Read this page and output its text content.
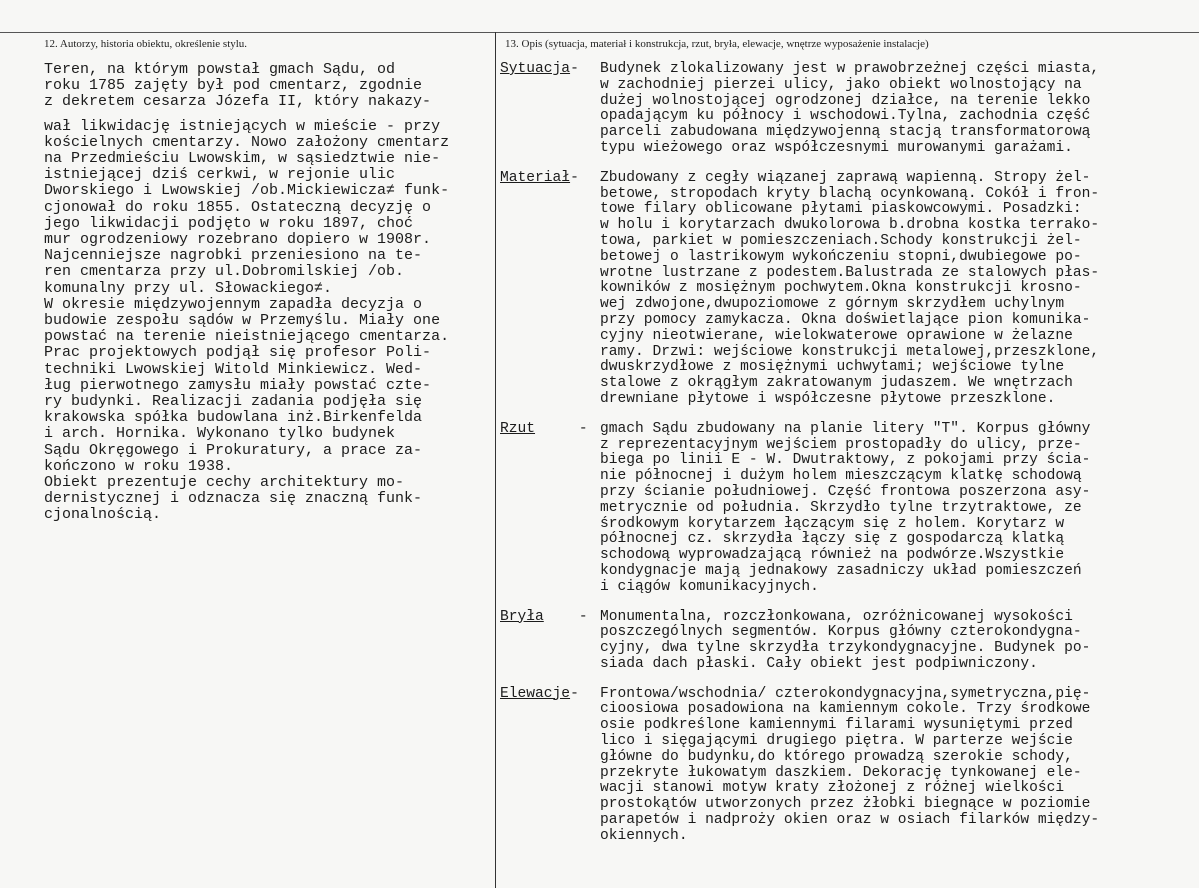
12. Autorzy, historia obiektu, określenie stylu.	13. Opis (sytuacja, materiał i konstrukcja, rzut, bryła, elewacje, wnętrze wyposażenie instalacje)
Teren, na którym powstał gmach Sądu, od
roku 1785 zajęty był pod cmentarz, zgodnie
z dekretem cesarza Józefa II, który nakazy-
wał likwidację istniejących w mieście - przy
kościelnych cmentarzy. Nowo założony cmentarz
na Przedmieściu Lwowskim, w sąsiedztwie nie-
istniejącej dziś cerkwi, w rejonie ulic
Dworskiego i Lwowskiej /ob.Mickiewicza≠ funk-
cjonował do roku 1855. Ostateczną decyzję o
jego likwidacji podjęto w roku 1897, choć
mur ogrodzeniowy rozebrano dopiero w 1908r.
Najcenniejsze nagrobki przeniesiono na te-
ren cmentarza przy ul.Dobromilskiej /ob.
komunalny przy ul. Słowackiego≠.
W okresie międzywojennym zapadła decyzja o
budowie zespołu sądów w Przemyślu. Miały one
powstać na terenie nieistniejącego cmentarza.
Prac projektowych podjął się profesor Poli-
techniki Lwowskiej Witold Minkiewicz. Wed-
ług pierwotnego zamysłu miały powstać czte-
ry budynki. Realizacji zadania podjęła się
krakowska spółka budowlana inż.Birkenfelda
i arch. Hornika. Wykonano tylko budynek
Sądu Okręgowego i Prokuratury, a prace za-
kończono w roku 1938.
Obiekt prezentuje cechy architektury mo-
dernistycznej i odznacza się znaczną funk-
cjonalnością.
Sytuacja-	Budynek zlokalizowany jest w prawobrzeżnej części miasta,
w zachodniej pierzei ulicy, jako obiekt wolnostojący na
dużej wolnostojącej ogrodzonej działce, na terenie lekko
opadającym ku północy i wschodowi.Tylna, zachodnia część
parceli zabudowana międzywojenną stacją transformatorową
typu wieżowego oraz współczesnymi murowanymi garażami.
Materiał-	Zbudowany z cegły wiązanej zaprawą wapienną. Stropy żel-
betowe, stropodach kryty blachą ocynkowaną. Cokół i fron-
towe filary oblicowane płytami piaskowcowymi. Posadzki:
w holu i korytarzach dwukolorowa b.drobna kostka terrako-
towa, parkiet w pomieszczeniach.Schody konstrukcji żel-
betowej o lastrikowym wykończeniu stopni,dwubiegowe po-
wrotne lustrzane z podestem.Balustrada ze stalowych płas-
kowników z mosiężnym pochwytem.Okna konstrukcji krosno-
wej zdwojone,dwupoziomowe z górnym skrzydłem uchylnym
przy pomocy zamykacza. Okna doświetlające pion komunika-
cyjny nieotwierane, wielokwaterowe oprawione w żelazne
ramy. Drzwi: wejściowe konstrukcji metalowej,przeszklone,
dwuskrzydłowe z mosiężnymi uchwytami; wejściowe tylne
stalowe z okrągłym zakratowanym judaszem. We wnętrzach
drewniane płytowe i współczesne płytowe przeszklone.
Rzut	- gmach Sądu zbudowany na planie litery "T". Korpus główny
z reprezentacyjnym wejściem prostopadły do ulicy, prze-
biega po linii E - W. Dwutraktowy, z pokojami przy ścia-
nie północnej i dużym holem mieszczącym klatkę schodową
przy ścianie południowej. Część frontowa poszerzona asy-
metrycznie od południa. Skrzydło tylne trzytraktowe, ze
środkowym korytarzem łączącym się z holem. Korytarz w
północnej cz. skrzydła łączy się z gospodarczą klatką
schodową wyprowadzającą również na podwórze.Wszystkie
kondygnacje mają jednakowy zasadniczy układ pomieszczeń
i ciągów komunikacyjnych.
Bryła - Monumentalna, rozczłonkowana, ozróżnicowanej wysokości
poszczególnych segmentów. Korpus główny czterokondygna-
cyjny, dwa tylne skrzydła trzykondygnacyjne. Budynek po-
siada dach płaski. Cały obiekt jest podpiwniczony.
Elewacje-	Frontowa/wschodnia/ czterokondygnacyjna,symetryczna,pię-
cioosiowa posadowiona na kamiennym cokole. Trzy środkowe
osie podkreślone kamiennymi filarami wysuniętymi przed
lico i sięgającymi drugiego piętra. W parterze wejście
główne do budynku,do którego prowadzą szerokie schody,
przekryte łukowatym daszkiem. Dekorację tynkowanej ele-
wacji stanowi motyw kraty złożonej z różnej wielkości
prostokątów utworzonych przez żłobki biegnące w poziomie
parapetów i nadproży okien oraz w osiach filarków między-
okiennych.
